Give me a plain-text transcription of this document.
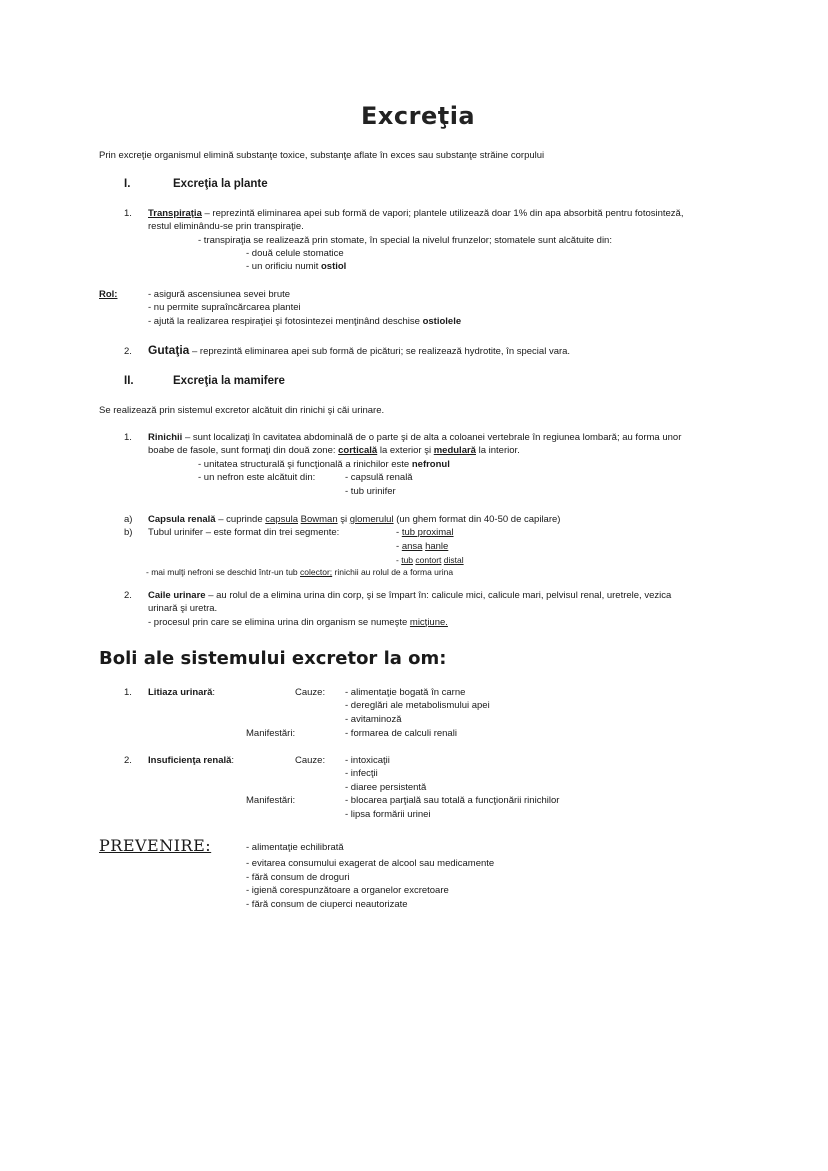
Excreţia
Prin excreţie organismul elimină substanţe toxice, substanţe aflate în exces sau substanţe străine corpului
I.	Excreţia la plante
1. Transpiraţia – reprezintă eliminarea apei sub formă de vapori; plantele utilizează doar 1% din apa absorbită pentru fotosinteză,
restul eliminându-se prin transpiraţie.
- transpiraţia se realizează prin stomate, în special la nivelul frunzelor; stomatele sunt alcătuite din:
- două celule stomatice
- un orificiu numit ostiol
Rol:	- asigură ascensiunea sevei brute
- nu permite supraîncărcarea plantei
- ajută la realizarea respiraţiei şi fotosintezei menţinând deschise ostiolele
2. Gutaţia – reprezintă eliminarea apei sub formă de picături; se realizează hydrotite, în special vara.
II.	Excreţia la mamifere
Se realizează prin sistemul excretor alcătuit din rinichi şi căi urinare.
1. Rinichii – sunt localizaţi în cavitatea abdominală de o parte şi de alta a coloanei vertebrale în regiunea lombară; au forma unor
boabe de fasole, sunt formaţi din două zone: corticală la exterior şi medulară la interior.
- unitatea structurală şi funcţională a rinichilor este nefronul
- un nefron este alcătuit din:	- capsulă renală
- tub urinifer
a) Capsula renală – cuprinde capsula Bowman şi glomerulul (un ghem format din 40-50 de capilare)
b) Tubul urinifer – este format din trei segmente:	- tub proximal
- ansa hanle
- tub contort distal
- mai mulţi nefroni se deschid într-un tub colector; rinichii au rolul de a forma urina
2. Caile urinare – au rolul de a elimina urina din corp, şi se împart în: calicule mici, calicule mari, pelvisul renal, uretrele, vezica
urinară şi uretra.
- procesul prin care se elimina urina din organism se numeşte micţiune.
Boli ale sistemului excretor la om:
1. Litiaza urinară:	Cauze: - alimentaţie bogată în carne
- dereglări ale metabolismului apei
- avitaminoză
Manifestări:	- formarea de calculi renali
2. Insuficienţa renală:	Cauze: - intoxicaţii
- infecţii
- diaree persistentă
Manifestări:	- blocarea parţială sau totală a funcţionării rinichilor
- lipsa formării urinei
PREVENIRE:	- alimentaţie echilibrată
- evitarea consumului exagerat de alcool sau medicamente
- fără consum de droguri
- igienă corespunzătoare a organelor excretoare
- fără consum de ciuperci neautorizate
